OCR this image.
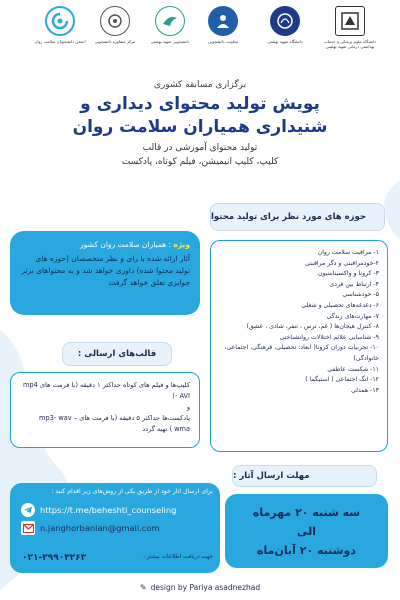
دانشگاه علوم پزشکی و خدمات بهداشتی درمانی شهید بهشتی
دانشگاه شهید بهشتی
معاونت دانشجویی
دانشجویی شهید بهشتی
مرکز مشاوره دانشجویی
انجمن دانشجویان سلامت روان
برگزاری مسابقه کشوری
پویش تولید محتوای دیداری و
شنیداری همیاران سلامت روان
تولید محتوای آموزشی در قالب
کلیپ، کلیپ انیمیشن، فیلم کوتاه، پادکست
حوزه های مورد نظر برای تولید محتوا
۱- مراقبت سلامت روان
۲-خودمراقبتی و دگر مراقبتی
۳- کرونا و واکسیناسیون
۴- ارتباط بین فردی
۵- خودشناسی
۶- دغدغه‌های تحصیلی و شغلی
۷- مهارت‌های زندگی
۸- کنترل هیجان‌ها ( غم، ترس ، تنفر، شادی ، عشق)
۹- شناسایی علائم اختلالات روانشناختی
۱۰- تجربیات دوران کرونا( ابعاد: تحصیلی، فرهنگی، اجتماعی، خانوادگی)
۱۱- شکست عاطفی
۱۲- انگ اجتماعی ( استیگما )
۱۳- همدلی
ویژه : همیاران سلامت روان کشور
آثار ارائه شده با رای و نظر متخصصان (حوزه های تولید محتوا شده) داوری خواهد شد و به محتواهای برتر جوایزی تعلق خواهد گرفت
قالب‌های ارسالی :
کلیپ‌ها و فیلم های کوتاه حداکثر ۱ دقیقه (با فرمت های mp4 - AVI)
و
پادکست‌ها حداکثر ۵ دقیقه (با فرمت های – mp3- wav
wma ) تهیه گردد
مهلت ارسال آثار :
سه شنبه ۲۰ مهرماه
الی
دوشنبه ۲۰ آبان‌ماه
برای ارسال اثار خود از طریق یکی از روش‌های زیر اقدام کنید :
https://t.me/beheshti_counseling
n.janghorbanian@gmail.com
جهت دریافت اطلاعات بیشتر :
۰۲۱-۲۹۹۰۳۲۶۳
✎ design by Pariya asadnezhad
